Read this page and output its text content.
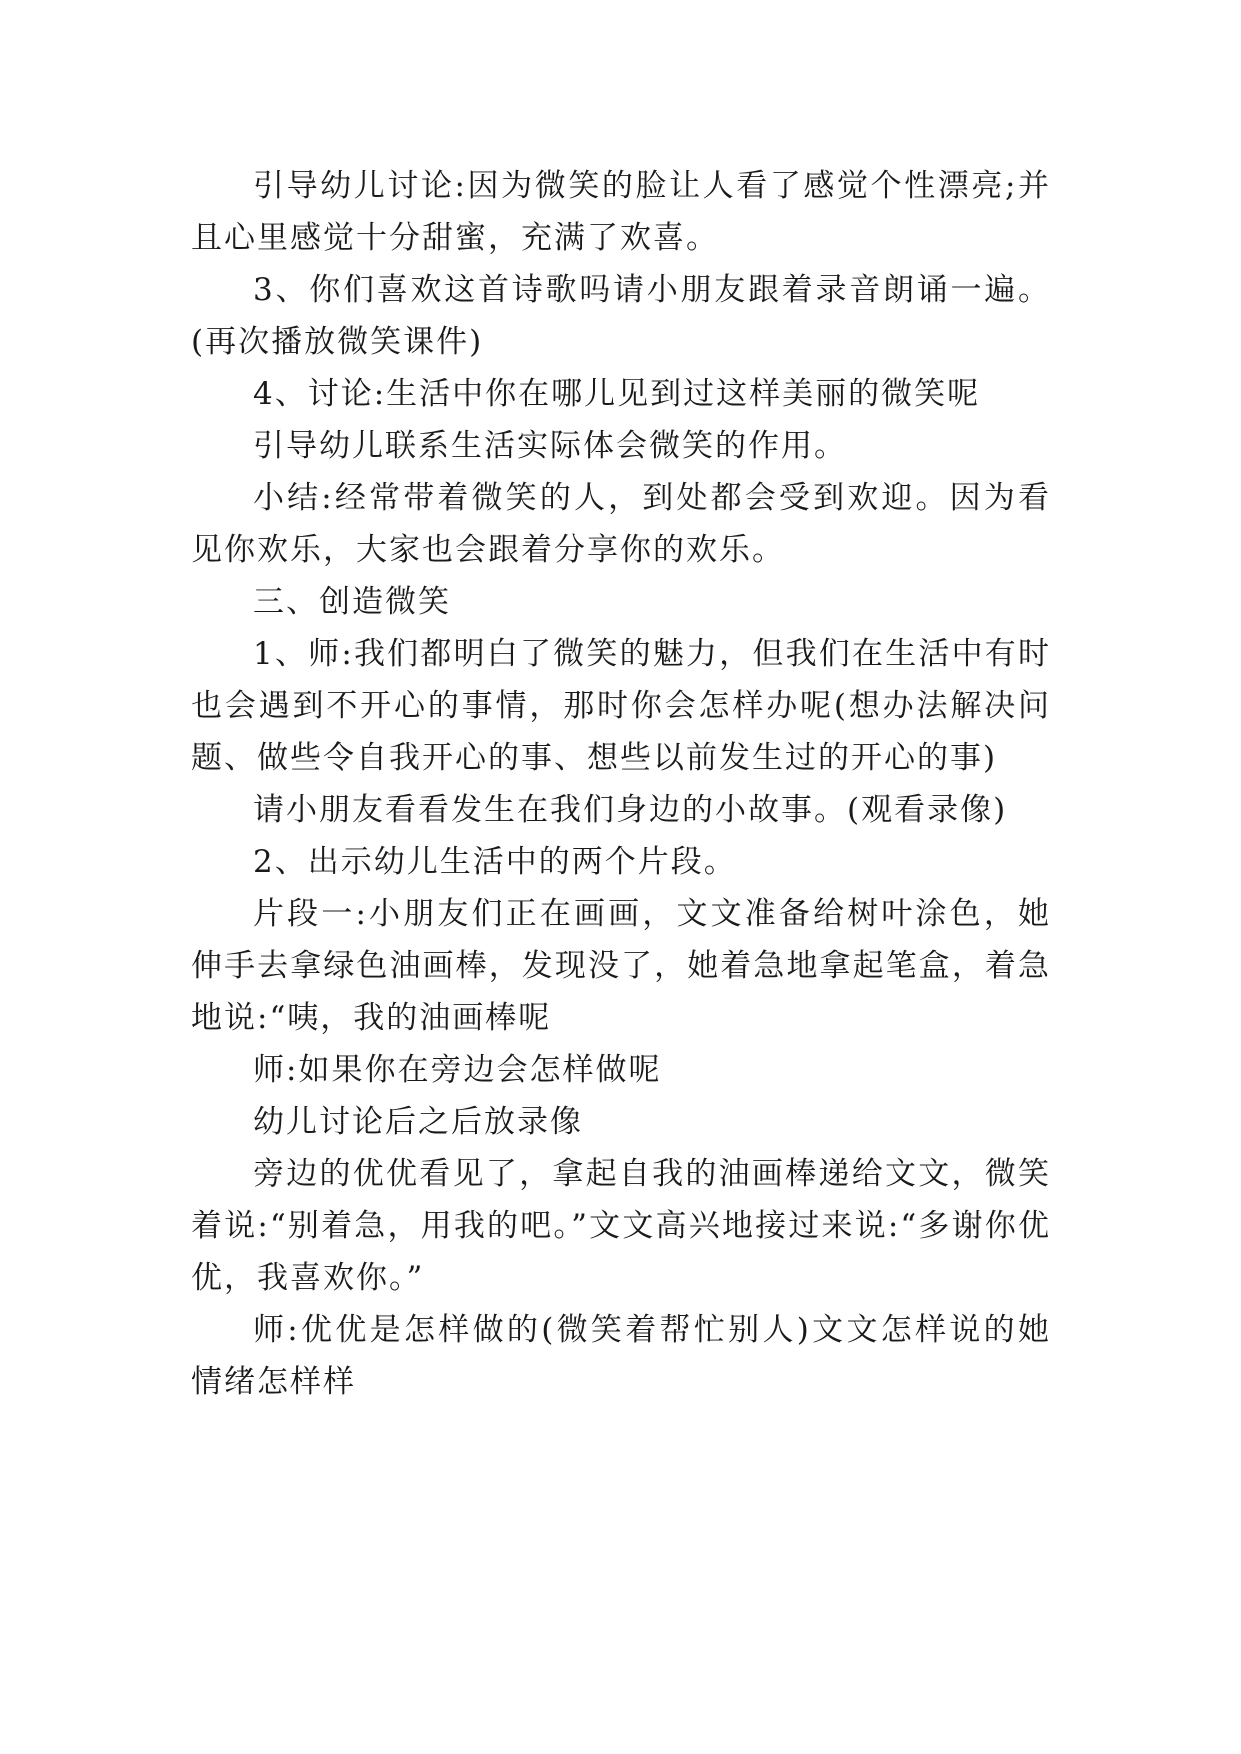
引导幼儿讨论:因为微笑的脸让人看了感觉个性漂亮;并且心里感觉十分甜蜜，充满了欢喜。

3、你们喜欢这首诗歌吗请小朋友跟着录音朗诵一遍。(再次播放微笑课件)

4、讨论:生活中你在哪儿见到过这样美丽的微笑呢

引导幼儿联系生活实际体会微笑的作用。

小结:经常带着微笑的人，到处都会受到欢迎。因为看见你欢乐，大家也会跟着分享你的欢乐。

三、创造微笑

1、师:我们都明白了微笑的魅力，但我们在生活中有时也会遇到不开心的事情，那时你会怎样办呢(想办法解决问题、做些令自我开心的事、想些以前发生过的开心的事)

请小朋友看看发生在我们身边的小故事。(观看录像)

2、出示幼儿生活中的两个片段。

片段一:小朋友们正在画画，文文准备给树叶涂色，她伸手去拿绿色油画棒，发现没了，她着急地拿起笔盒，着急地说:“咦，我的油画棒呢

师:如果你在旁边会怎样做呢

幼儿讨论后之后放录像

旁边的优优看见了，拿起自我的油画棒递给文文，微笑着说:“别着急，用我的吧。”文文高兴地接过来说:“多谢你优优，我喜欢你。”

师:优优是怎样做的(微笑着帮忙别人)文文怎样说的她情绪怎样样
